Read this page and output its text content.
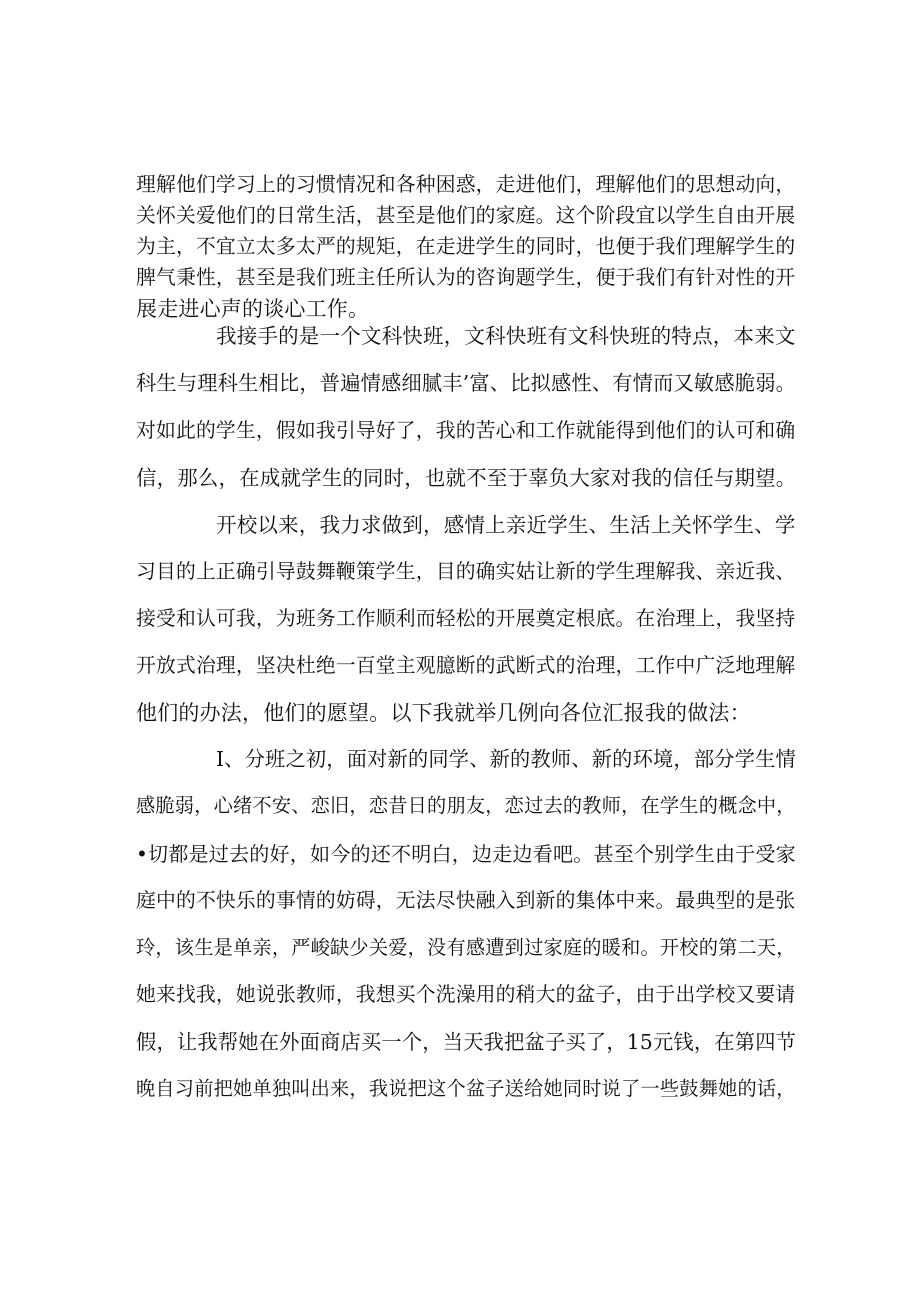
理解他们学习上的习惯情况和各种困惑，走进他们，理解他们的思想动向，
关怀关爱他们的日常生活，甚至是他们的家庭。这个阶段宜以学生自由开展
为主，不宜立太多太严的规矩，在走进学生的同时，也便于我们理解学生的
脾气秉性，甚至是我们班主任所认为的咨询题学生，便于我们有针对性的开
展走进心声的谈心工作。
我接手的是一个文科快班，文科快班有文科快班的特点，本来文
科生与理科生相比，普遍情感细腻丰’富、比拟感性、有情而又敏感脆弱。
对如此的学生，假如我引导好了，我的苦心和工作就能得到他们的认可和确
信，那么，在成就学生的同时，也就不至于辜负大家对我的信任与期望。
开校以来，我力求做到，感情上亲近学生、生活上关怀学生、学
习目的上正确引导鼓舞鞭策学生，目的确实姑让新的学生理解我、亲近我、
接受和认可我，为班务工作顺利而轻松的开展奠定根底。在治理上，我坚持
开放式治理，坚决杜绝一百堂主观臆断的武断式的治理，工作中广泛地理解
他们的办法，他们的愿望。以下我就举几例向各位汇报我的做法：
I、分班之初，面对新的同学、新的教师、新的环境，部分学生情
感脆弱，心绪不安、恋旧，恋昔日的朋友，恋过去的教师，在学生的概念中，
•切都是过去的好，如今的还不明白，边走边看吧。甚至个别学生由于受家
庭中的不快乐的事情的妨碍，无法尽快融入到新的集体中来。最典型的是张
玲，该生是单亲，严峻缺少关爱，没有感遭到过家庭的暖和。开校的第二天，
她来找我，她说张教师，我想买个洗澡用的稍大的盆子，由于出学校又要请
假，让我帮她在外面商店买一个，当天我把盆子买了，15元钱，在第四节
晚自习前把她单独叫出来，我说把这个盆子送给她同时说了一些鼓舞她的话，
